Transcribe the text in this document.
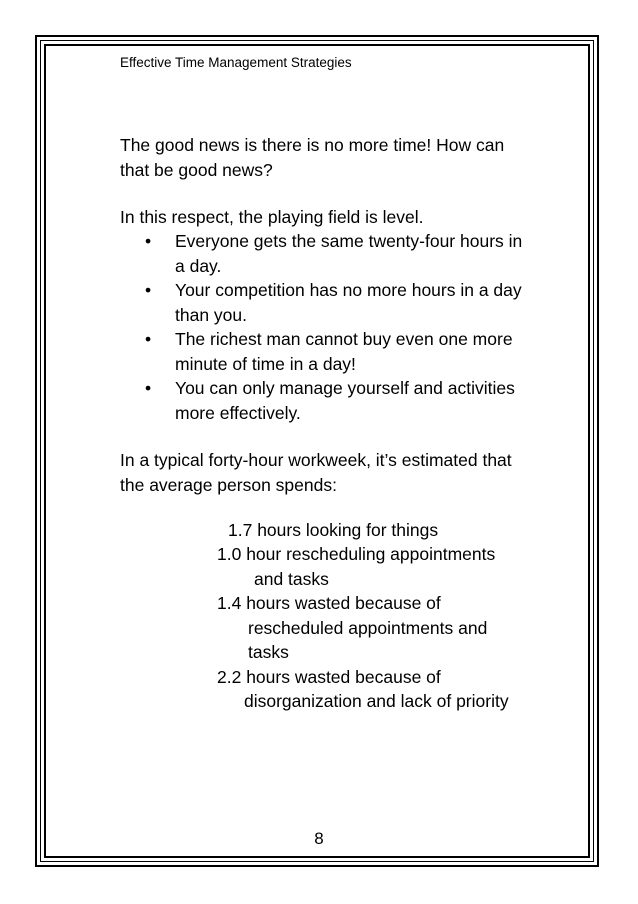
Effective Time Management Strategies
The good news is there is no more time! How can
that be good news?
In this respect, the playing field is level.
• Everyone gets the same twenty-four hours in
a day.
• Your competition has no more hours in a day
than you.
• The richest man cannot buy even one more
minute of time in a day!
• You can only manage yourself and activities
more effectively.
In a typical forty-hour workweek, it’s estimated that
the average person spends:
1.7 hours looking for things
1.0 hour rescheduling appointments
and tasks
1.4 hours wasted because of
rescheduled appointments and
tasks
2.2 hours wasted because of
disorganization and lack of priority
8
